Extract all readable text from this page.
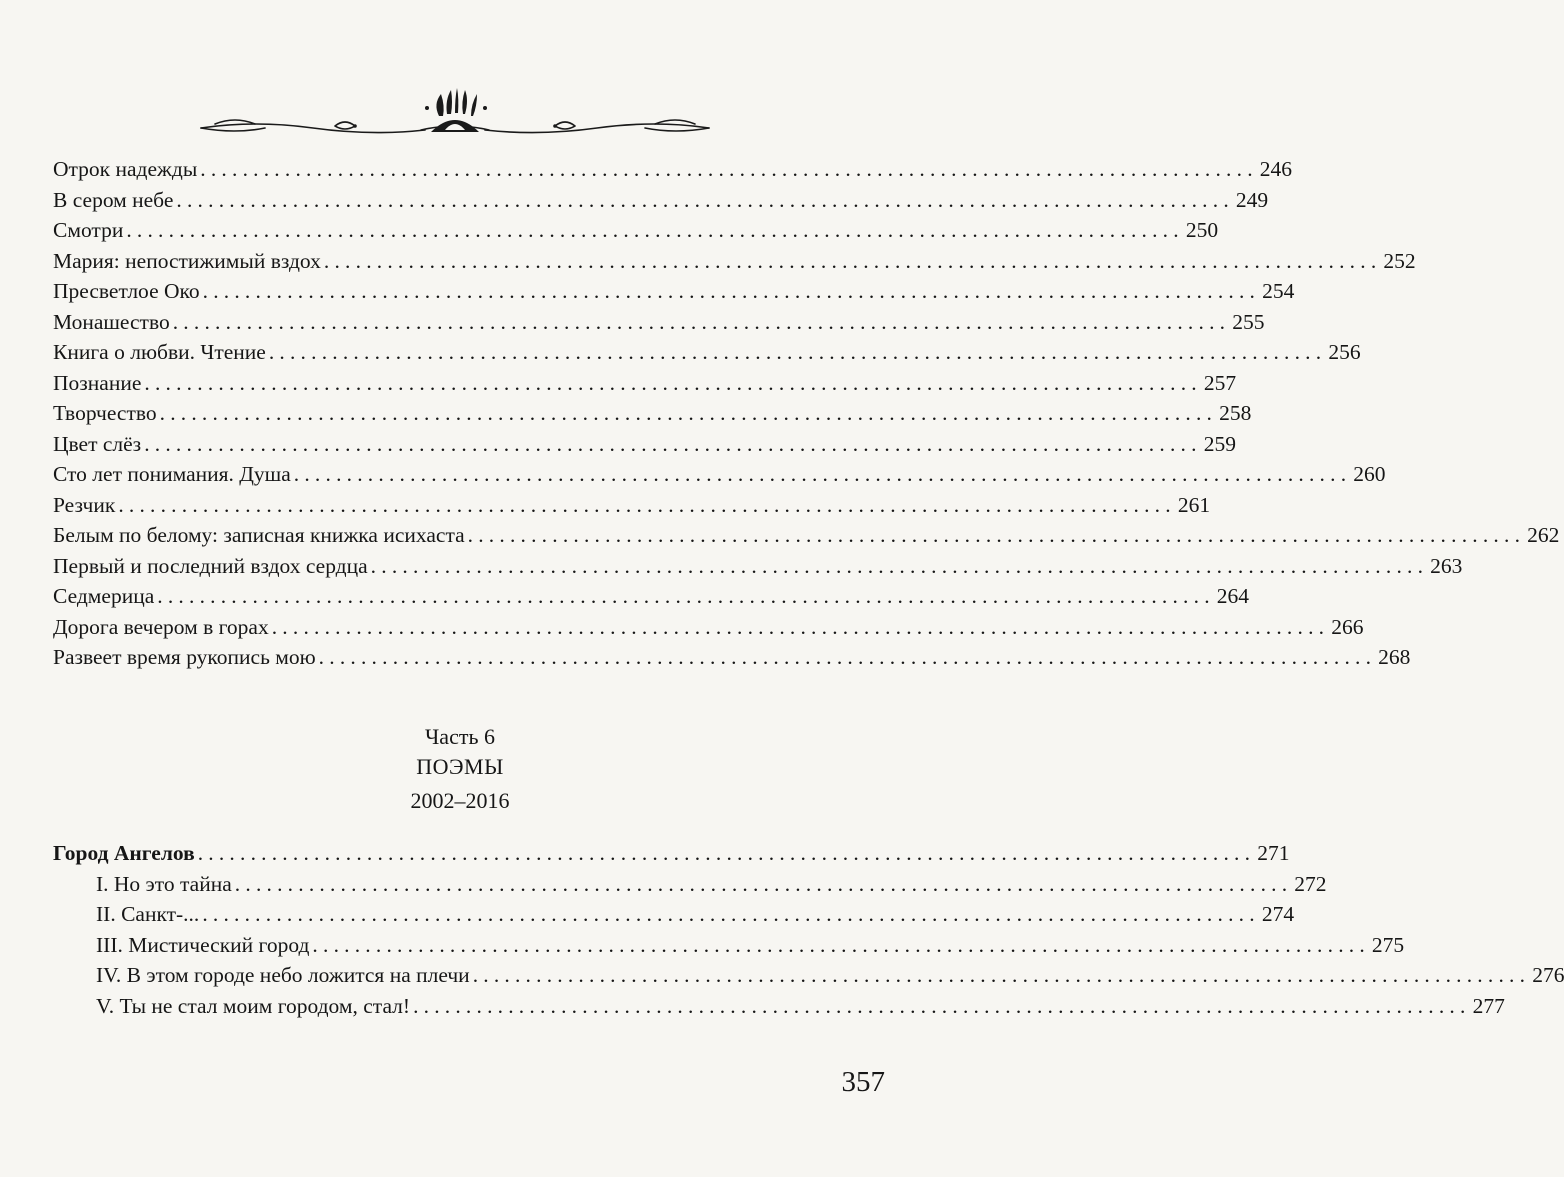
Отрок надежды .................................................................................................... 246
В сером небе .................................................................................................... 249
Смотри .................................................................................................... 250
Мария: непостижимый вздох .................................................................................................... 252
Пресветлое Око .................................................................................................... 254
Монашество .................................................................................................... 255
Книга о любви. Чтение .................................................................................................... 256
Познание .................................................................................................... 257
Творчество .................................................................................................... 258
Цвет слёз .................................................................................................... 259
Сто лет понимания. Душа .................................................................................................... 260
Резчик .................................................................................................... 261
Белым по белому: записная книжка исихаста .................................................................................................... 262
Первый и последний вздох сердца .................................................................................................... 263
Седмерица .................................................................................................... 264
Дорога вечером в горах .................................................................................................... 266
Развеет время рукопись мою .................................................................................................... 268
Часть 6
ПОЭМЫ
2002–2016
Город Ангелов .................................................................................................... 271
I. Но это тайна .................................................................................................... 272
II. Санкт-... .................................................................................................... 274
III. Мистический город .................................................................................................... 275
IV. В этом городе небо ложится на плечи .................................................................................................... 276
V. Ты не стал моим городом, стал! .................................................................................................... 277
357
